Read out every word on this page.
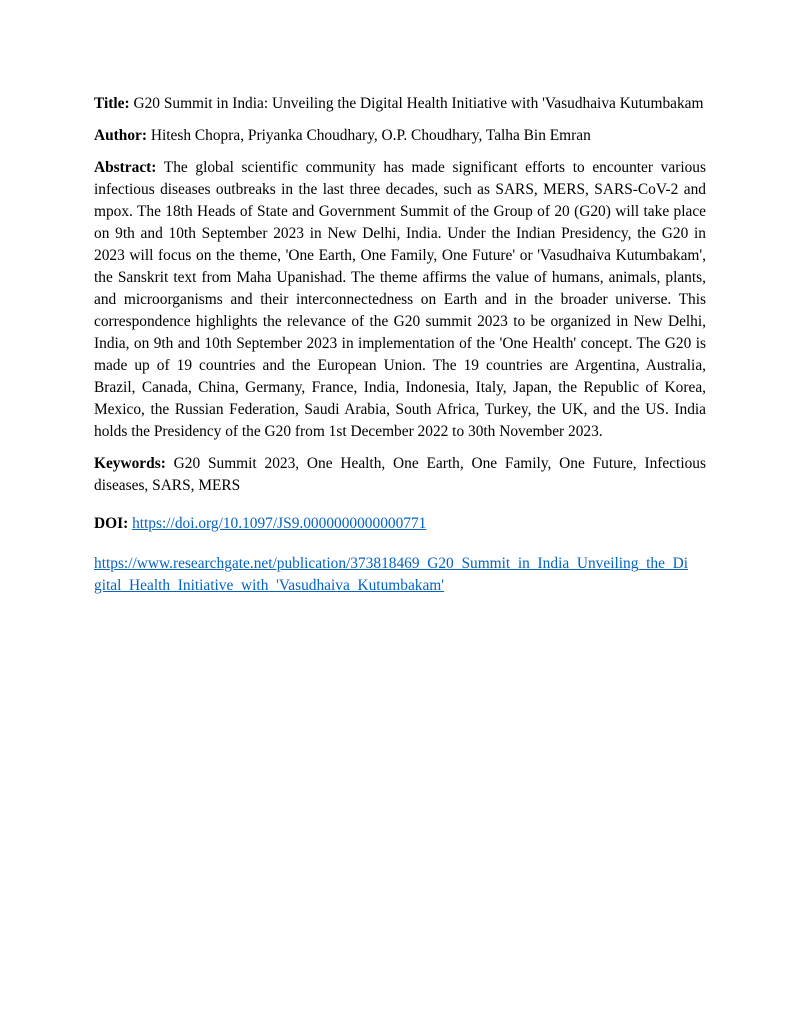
Title: G20 Summit in India: Unveiling the Digital Health Initiative with 'Vasudhaiva Kutumbakam

Author: Hitesh Chopra, Priyanka Choudhary, O.P. Choudhary, Talha Bin Emran

Abstract: The global scientific community has made significant efforts to encounter various infectious diseases outbreaks in the last three decades, such as SARS, MERS, SARS-CoV-2 and mpox. The 18th Heads of State and Government Summit of the Group of 20 (G20) will take place on 9th and 10th September 2023 in New Delhi, India. Under the Indian Presidency, the G20 in 2023 will focus on the theme, 'One Earth, One Family, One Future' or 'Vasudhaiva Kutumbakam', the Sanskrit text from Maha Upanishad. The theme affirms the value of humans, animals, plants, and microorganisms and their interconnectedness on Earth and in the broader universe. This correspondence highlights the relevance of the G20 summit 2023 to be organized in New Delhi, India, on 9th and 10th September 2023 in implementation of the 'One Health' concept. The G20 is made up of 19 countries and the European Union. The 19 countries are Argentina, Australia, Brazil, Canada, China, Germany, France, India, Indonesia, Italy, Japan, the Republic of Korea, Mexico, the Russian Federation, Saudi Arabia, South Africa, Turkey, the UK, and the US. India holds the Presidency of the G20 from 1st December 2022 to 30th November 2023.

Keywords: G20 Summit 2023, One Health, One Earth, One Family, One Future, Infectious diseases, SARS, MERS

DOI: https://doi.org/10.1097/JS9.0000000000000771

https://www.researchgate.net/publication/373818469_G20_Summit_in_India_Unveiling_the_Di
gital_Health_Initiative_with_'Vasudhaiva_Kutumbakam'
